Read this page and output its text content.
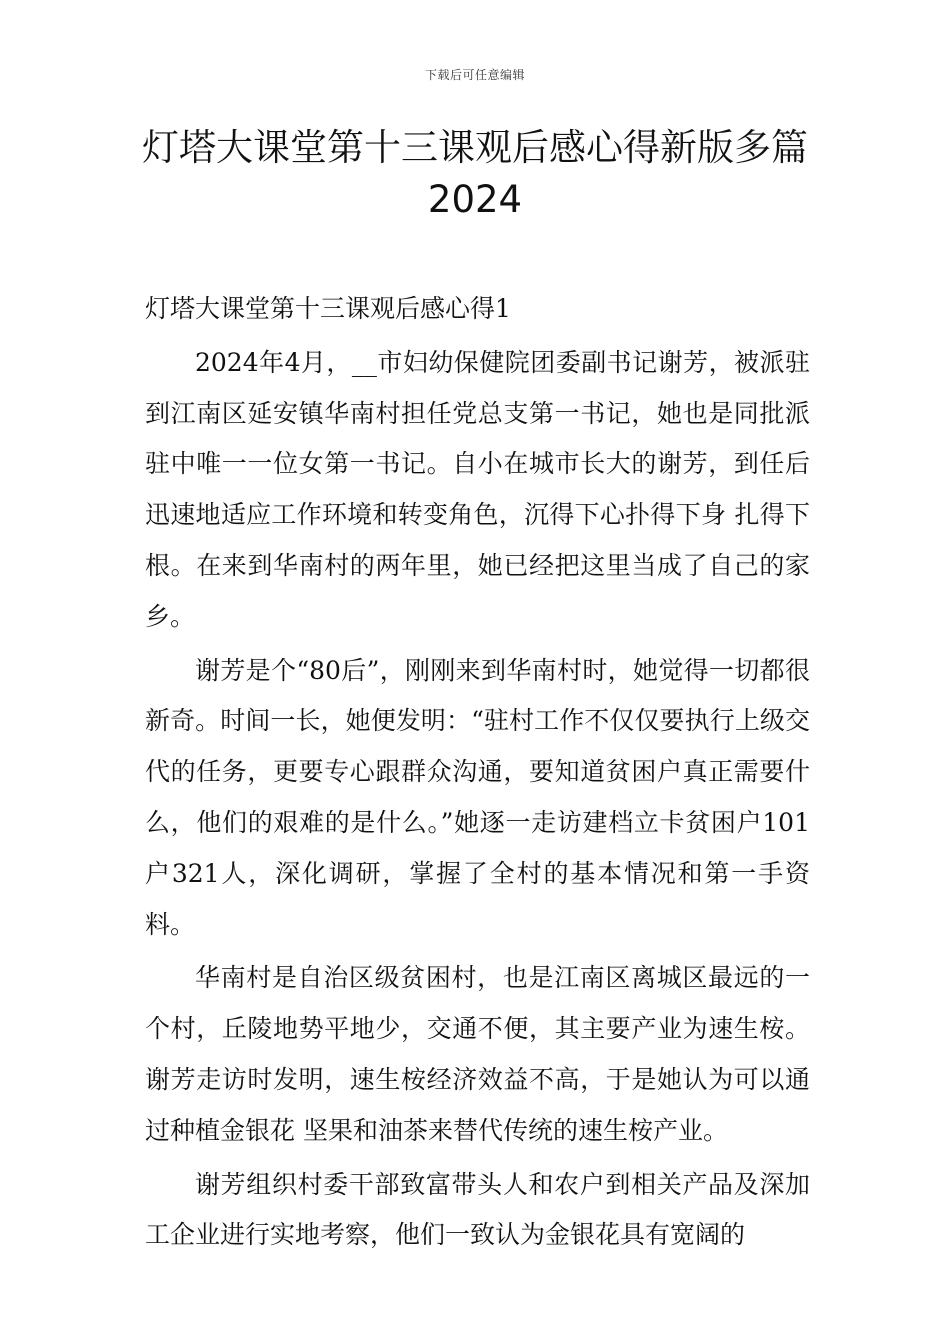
下载后可任意编辑
灯塔大课堂第十三课观后感心得新版多篇
2024

灯塔大课堂第十三课观后感心得1

2024年4月，__市妇幼保健院团委副书记谢芳，被派驻到江南区延安镇华南村担任党总支第一书记，她也是同批派驻中唯一一位女第一书记。自小在城市长大的谢芳，到任后迅速地适应工作环境和转变角色，沉得下心扑得下身 扎得下根。在来到华南村的两年里，她已经把这里当成了自己的家乡。

谢芳是个“80后”，刚刚来到华南村时，她觉得一切都很新奇。时间一长，她便发明：“驻村工作不仅仅要执行上级交代的任务，更要专心跟群众沟通，要知道贫困户真正需要什么，他们的艰难的是什么。”她逐一走访建档立卡贫困户101户321人，深化调研，掌握了全村的基本情况和第一手资料。

华南村是自治区级贫困村，也是江南区离城区最远的一个村，丘陵地势平地少，交通不便，其主要产业为速生桉。谢芳走访时发明，速生桉经济效益不高，于是她认为可以通过种植金银花 坚果和油茶来替代传统的速生桉产业。

谢芳组织村委干部致富带头人和农户到相关产品及深加工企业进行实地考察，他们一致认为金银花具有宽阔的
